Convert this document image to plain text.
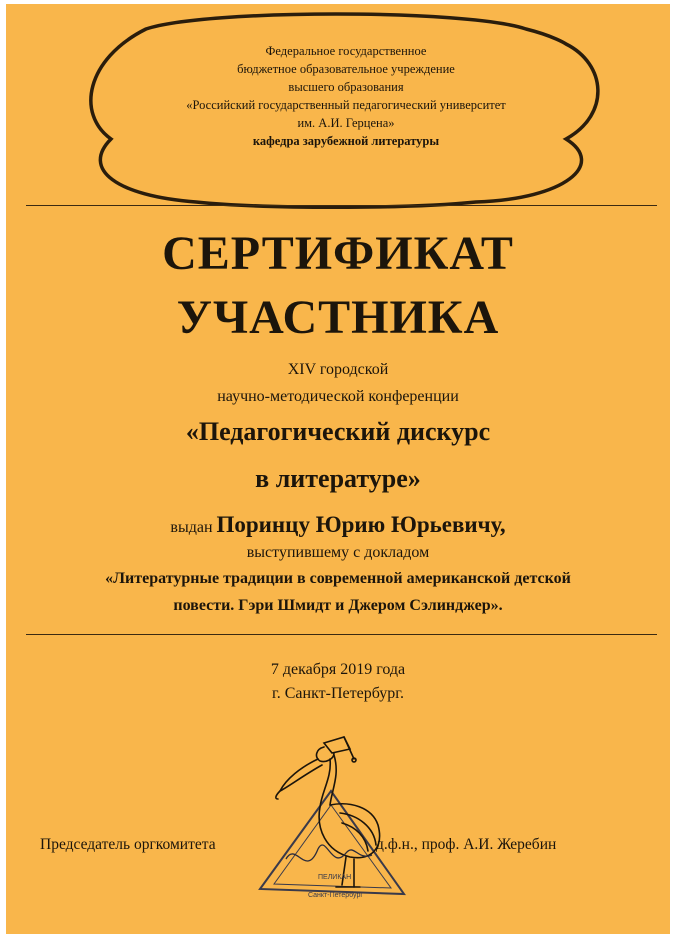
Федеральное государственное
бюджетное образовательное учреждение
высшего образования
«Российский государственный педагогический университет
им. А.И. Герцена»
кафедра зарубежной литературы
СЕРТИФИКАТ
УЧАСТНИКА
XIV городской
научно-методической конференции
«Педагогический дискурс
в литературе»
выдан Поринцу Юрию Юрьевичу,
выступившему с докладом
«Литературные традиции в современной американской детской
повести. Гэри Шмидт и Джером Сэлинджер».
7 декабря 2019 года
г. Санкт-Петербург.
ПЕЛИКАН
Санкт-Петербург
Председатель оргкомитета	д.ф.н., проф. А.И. Жеребин
